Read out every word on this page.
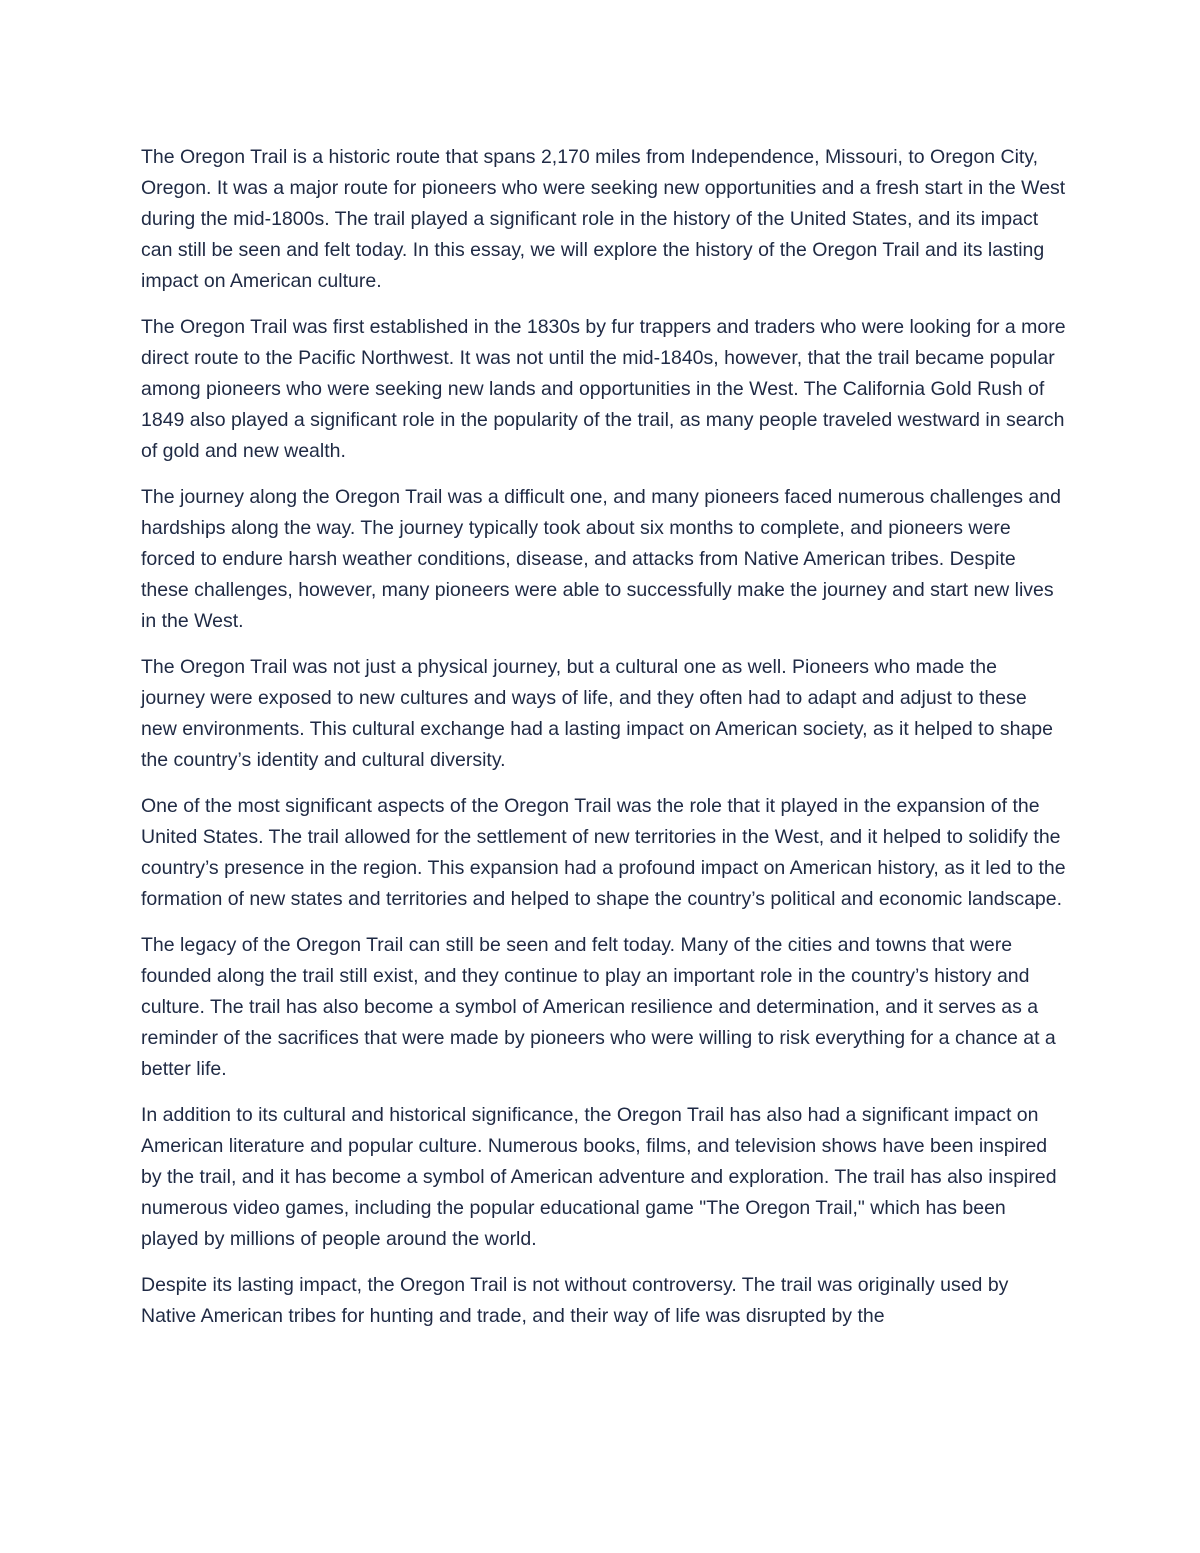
The Oregon Trail is a historic route that spans 2,170 miles from Independence, Missouri, to Oregon City, Oregon. It was a major route for pioneers who were seeking new opportunities and a fresh start in the West during the mid-1800s. The trail played a significant role in the history of the United States, and its impact can still be seen and felt today. In this essay, we will explore the history of the Oregon Trail and its lasting impact on American culture.

The Oregon Trail was first established in the 1830s by fur trappers and traders who were looking for a more direct route to the Pacific Northwest. It was not until the mid-1840s, however, that the trail became popular among pioneers who were seeking new lands and opportunities in the West. The California Gold Rush of 1849 also played a significant role in the popularity of the trail, as many people traveled westward in search of gold and new wealth.

The journey along the Oregon Trail was a difficult one, and many pioneers faced numerous challenges and hardships along the way. The journey typically took about six months to complete, and pioneers were forced to endure harsh weather conditions, disease, and attacks from Native American tribes. Despite these challenges, however, many pioneers were able to successfully make the journey and start new lives in the West.

The Oregon Trail was not just a physical journey, but a cultural one as well. Pioneers who made the journey were exposed to new cultures and ways of life, and they often had to adapt and adjust to these new environments. This cultural exchange had a lasting impact on American society, as it helped to shape the country’s identity and cultural diversity.

One of the most significant aspects of the Oregon Trail was the role that it played in the expansion of the United States. The trail allowed for the settlement of new territories in the West, and it helped to solidify the country’s presence in the region. This expansion had a profound impact on American history, as it led to the formation of new states and territories and helped to shape the country’s political and economic landscape.

The legacy of the Oregon Trail can still be seen and felt today. Many of the cities and towns that were founded along the trail still exist, and they continue to play an important role in the country’s history and culture. The trail has also become a symbol of American resilience and determination, and it serves as a reminder of the sacrifices that were made by pioneers who were willing to risk everything for a chance at a better life.

In addition to its cultural and historical significance, the Oregon Trail has also had a significant impact on American literature and popular culture. Numerous books, films, and television shows have been inspired by the trail, and it has become a symbol of American adventure and exploration. The trail has also inspired numerous video games, including the popular educational game "The Oregon Trail," which has been played by millions of people around the world.

Despite its lasting impact, the Oregon Trail is not without controversy. The trail was originally used by Native American tribes for hunting and trade, and their way of life was disrupted by the
